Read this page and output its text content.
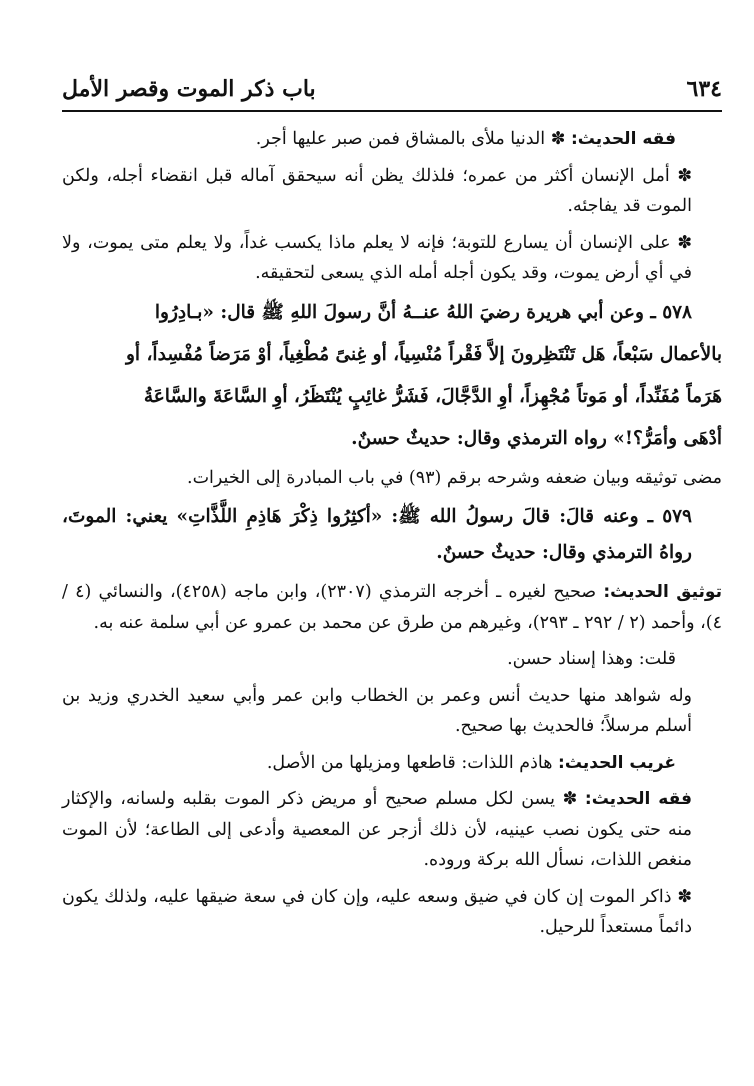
٦٣٤
باب ذكر الموت وقصر الأمل

فقه الحديث: ✽ الدنيا ملأى بالمشاق فمن صبر عليها أجر.

✽ أمل الإنسان أكثر من عمره؛ فلذلك يظن أنه سيحقق آماله قبل انقضاء أجله، ولكن الموت قد يفاجئه.

✽ على الإنسان أن يسارع للتوبة؛ فإنه لا يعلم ماذا يكسب غداً، ولا يعلم متى يموت، ولا في أي أرض يموت، وقد يكون أجله أمله الذي يسعى لتحقيقه.

٥٧٨ ـ وعن أبي هريرة رضيَ اللهُ عنــهُ أنَّ رسولَ اللهِ ﷺ قال: «بـادِرُوا

بالأعمال سَبْعاً، هَل تَنْتَظِرونَ إلاَّ فَقْراً مُنْسِياً، أو غِنىً مُطْغِياً، أوْ مَرَضاً مُفْسِداً، أو

هَرَماً مُفَنِّداً، أو مَوتاً مُجْهِزاً، أوِ الدَّجَّالَ، فَشَرُّ غائِبٍ يُنْتَظَرُ، أوِ السَّاعَةَ والسَّاعَةُ

أدْهَى وأمَرُّ؟!» رواه الترمذي وقال: حديثٌ حسنٌ.

مضى توثيقه وبيان ضعفه وشرحه برقم (٩٣) في باب المبادرة إلى الخيرات.

٥٧٩ ـ وعنه قالَ: قالَ رسولُ الله ﷺ: «أكثِرُوا ذِكْرَ هَاذِمِ اللَّذَّاتِ» يعني: الموتَ، رواهُ الترمذي وقال: حديثٌ حسنٌ.

توثيق الحديث: صحيح لغيره ـ أخرجه الترمذي (٢٣٠٧)، وابن ماجه (٤٢٥٨)، والنسائي (٤ / ٤)، وأحمد (٢ / ٢٩٢ ـ ٢٩٣)، وغيرهم من طرق عن محمد بن عمرو عن أبي سلمة عنه به.

قلت: وهذا إسناد حسن.

وله شواهد منها حديث أنس وعمر بن الخطاب وابن عمر وأبي سعيد الخدري وزيد بن أسلم مرسلاً؛ فالحديث بها صحيح.

غريب الحديث: هاذم اللذات: قاطعها ومزيلها من الأصل.

فقه الحديث: ✽ يسن لكل مسلم صحيح أو مريض ذكر الموت بقلبه ولسانه، والإكثار منه حتى يكون نصب عينيه، لأن ذلك أزجر عن المعصية وأدعى إلى الطاعة؛ لأن الموت منغص اللذات، نسأل الله بركة وروده.

✽ ذاكر الموت إن كان في ضيق وسعه عليه، وإن كان في سعة ضيقها عليه، ولذلك يكون دائماً مستعداً للرحيل.
